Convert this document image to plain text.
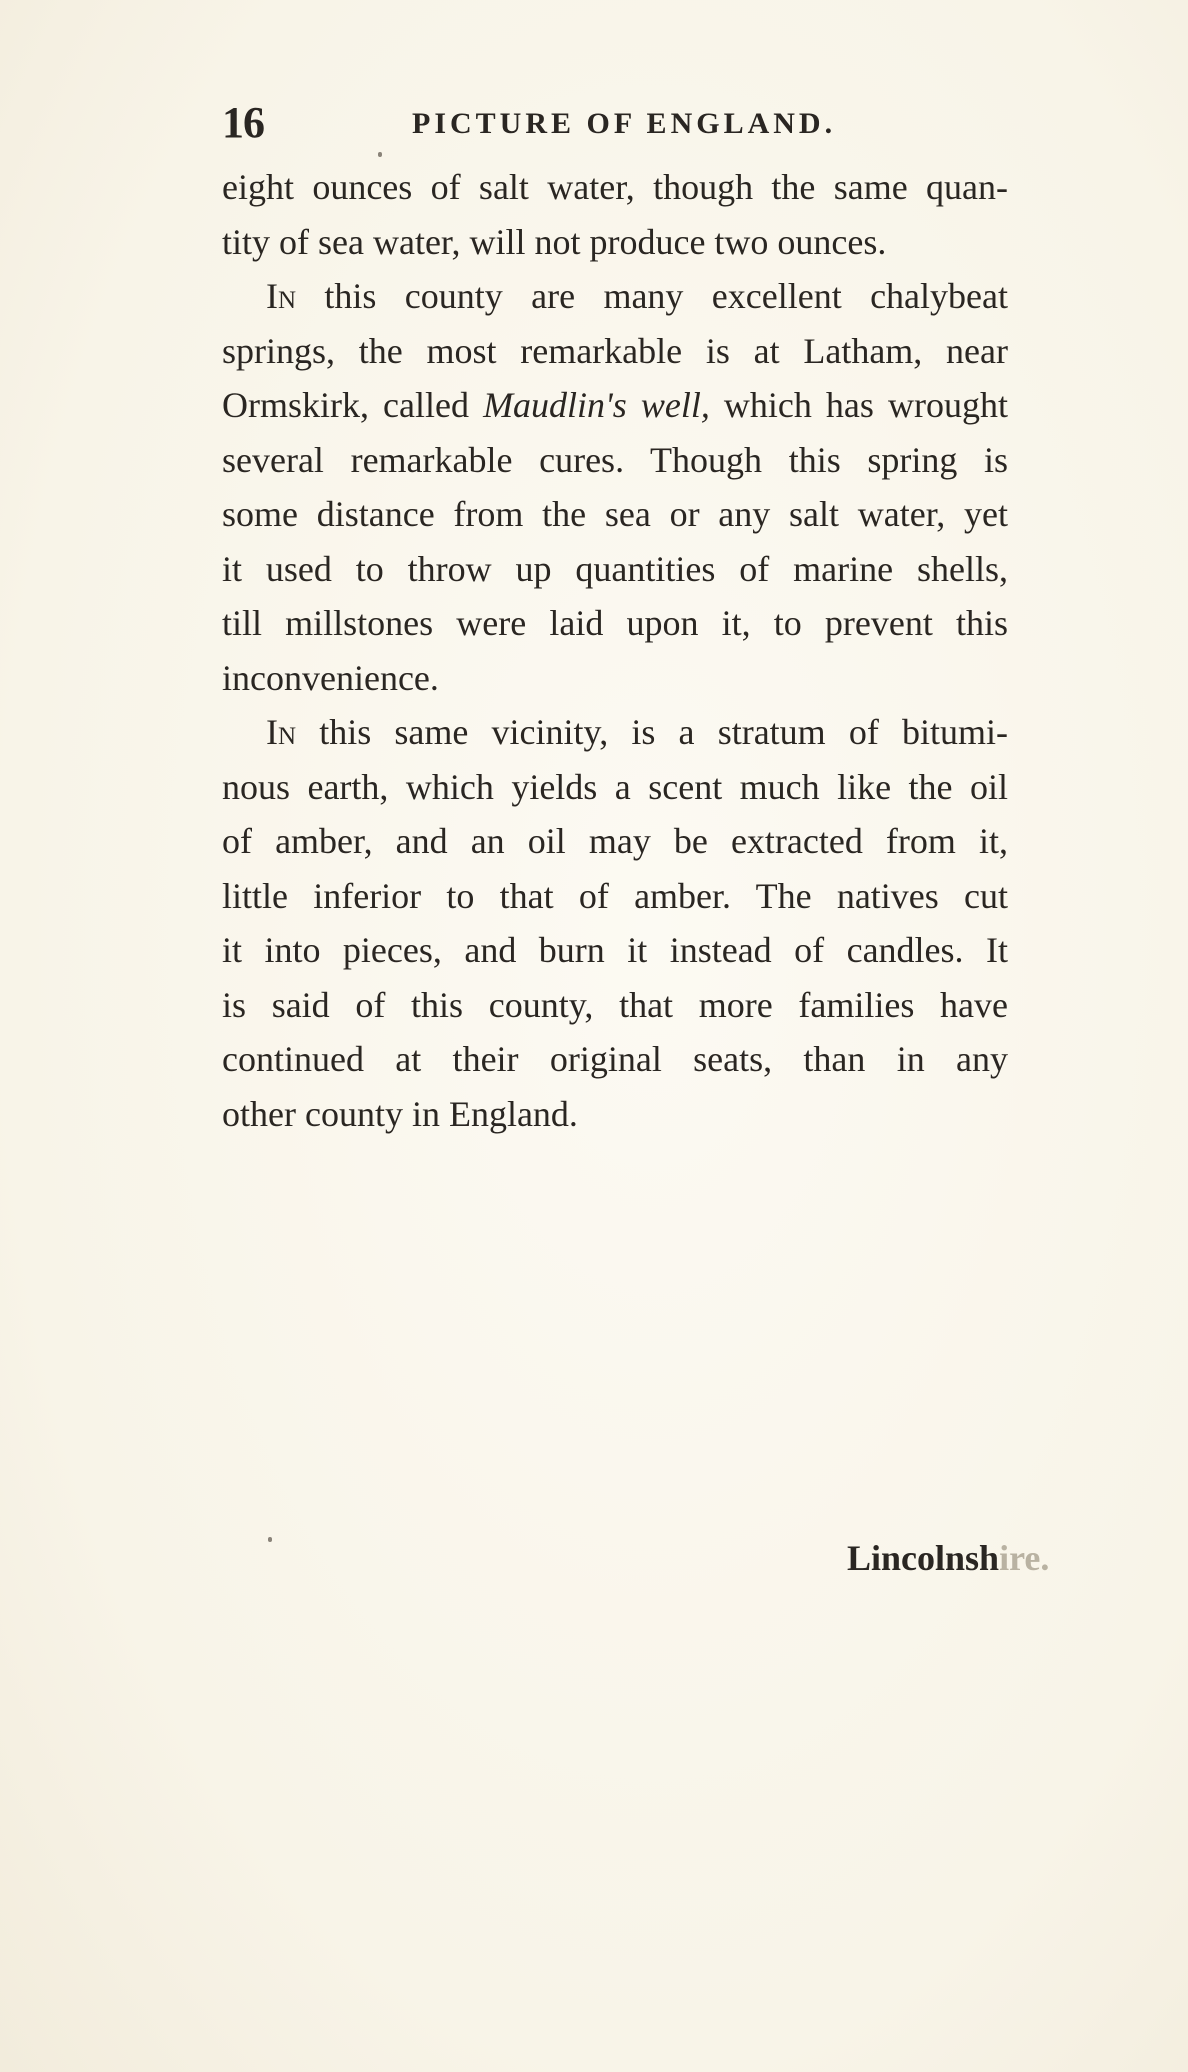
16	PICTURE OF ENGLAND.
eight ounces of salt water, though the same quan-
tity of sea water, will not produce two ounces.
In this county are many excellent chalybeat
springs, the most remarkable is at Latham, near
Ormskirk, called Maudlin's well, which has wrought
several remarkable cures. Though this spring is
some distance from the sea or any salt water, yet
it used to throw up quantities of marine shells,
till millstones were laid upon it, to prevent this
inconvenience.
In this same vicinity, is a stratum of bitumi-
nous earth, which yields a scent much like the oil
of amber, and an oil may be extracted from it,
little inferior to that of amber. The natives cut
it into pieces, and burn it instead of candles. It
is said of this county, that more families have
continued at their original seats, than in any
other county in England.
Lincolnshire.
